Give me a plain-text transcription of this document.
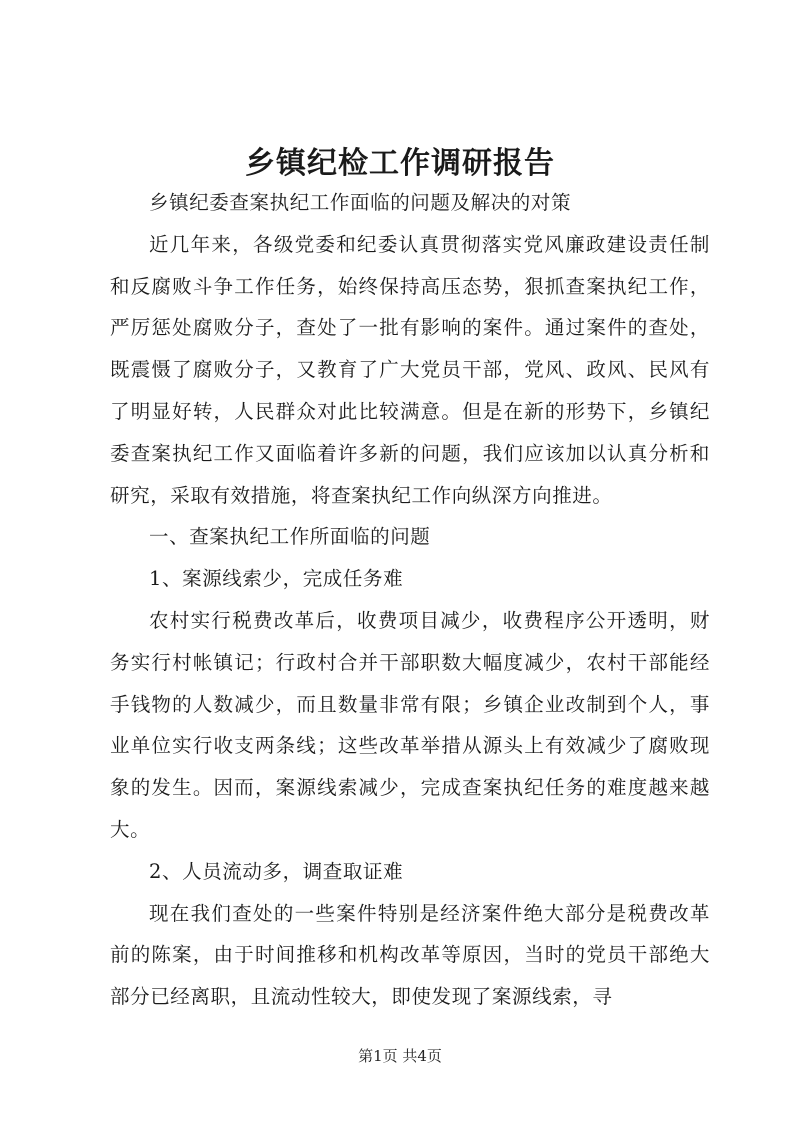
乡镇纪检工作调研报告

乡镇纪委查案执纪工作面临的问题及解决的对策

近几年来，各级党委和纪委认真贯彻落实党风廉政建设责任制和反腐败斗争工作任务，始终保持高压态势，狠抓查案执纪工作，严厉惩处腐败分子，查处了一批有影响的案件。通过案件的查处，既震慑了腐败分子，又教育了广大党员干部，党风、政风、民风有了明显好转，人民群众对此比较满意。但是在新的形势下，乡镇纪委查案执纪工作又面临着许多新的问题，我们应该加以认真分析和研究，采取有效措施，将查案执纪工作向纵深方向推进。

一、查案执纪工作所面临的问题

1、案源线索少，完成任务难

农村实行税费改革后，收费项目减少，收费程序公开透明，财务实行村帐镇记；行政村合并干部职数大幅度减少，农村干部能经手钱物的人数减少，而且数量非常有限；乡镇企业改制到个人，事业单位实行收支两条线；这些改革举措从源头上有效减少了腐败现象的发生。因而，案源线索减少，完成查案执纪任务的难度越来越大。

2、人员流动多，调查取证难

现在我们查处的一些案件特别是经济案件绝大部分是税费改革前的陈案，由于时间推移和机构改革等原因，当时的党员干部绝大部分已经离职，且流动性较大，即使发现了案源线索，寻

第1页 共4页
